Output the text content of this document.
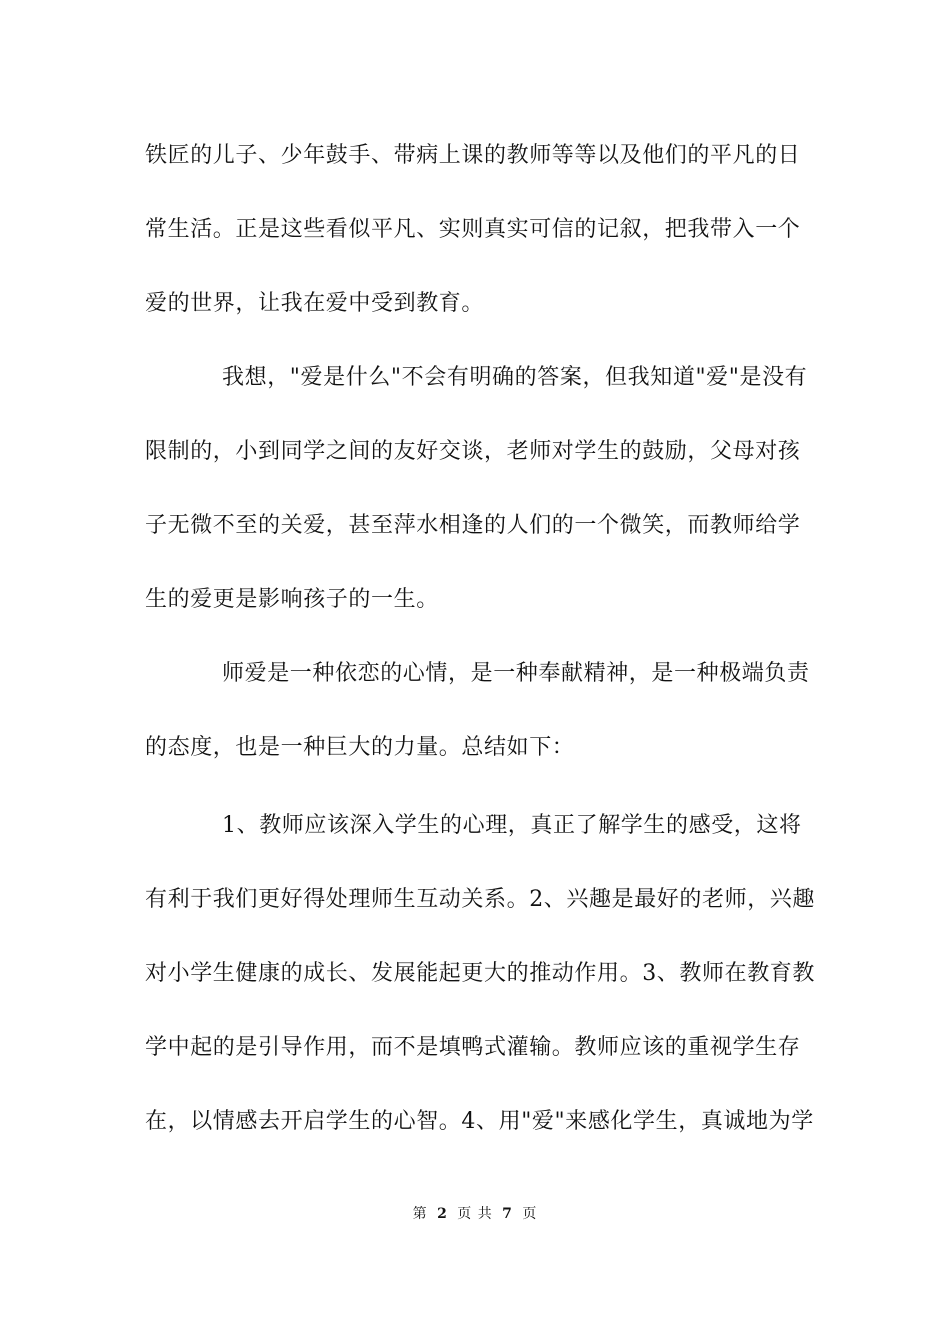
铁匠的儿子、少年鼓手、带病上课的教师等等以及他们的平凡的日
常生活。正是这些看似平凡、实则真实可信的记叙，把我带入一个
爱的世界，让我在爱中受到教育。
我想，"爱是什么"不会有明确的答案，但我知道"爱"是没有
限制的，小到同学之间的友好交谈，老师对学生的鼓励，父母对孩
子无微不至的关爱，甚至萍水相逢的人们的一个微笑，而教师给学
生的爱更是影响孩子的一生。
师爱是一种依恋的心情，是一种奉献精神，是一种极端负责
的态度，也是一种巨大的力量。总结如下：
1、教师应该深入学生的心理，真正了解学生的感受，这将
有利于我们更好得处理师生互动关系。2、兴趣是最好的老师，兴趣
对小学生健康的成长、发展能起更大的推动作用。3、教师在教育教
学中起的是引导作用，而不是填鸭式灌输。教师应该的重视学生存
在，以情感去开启学生的心智。4、用"爱"来感化学生，真诚地为学
第 2 页 共 7 页
